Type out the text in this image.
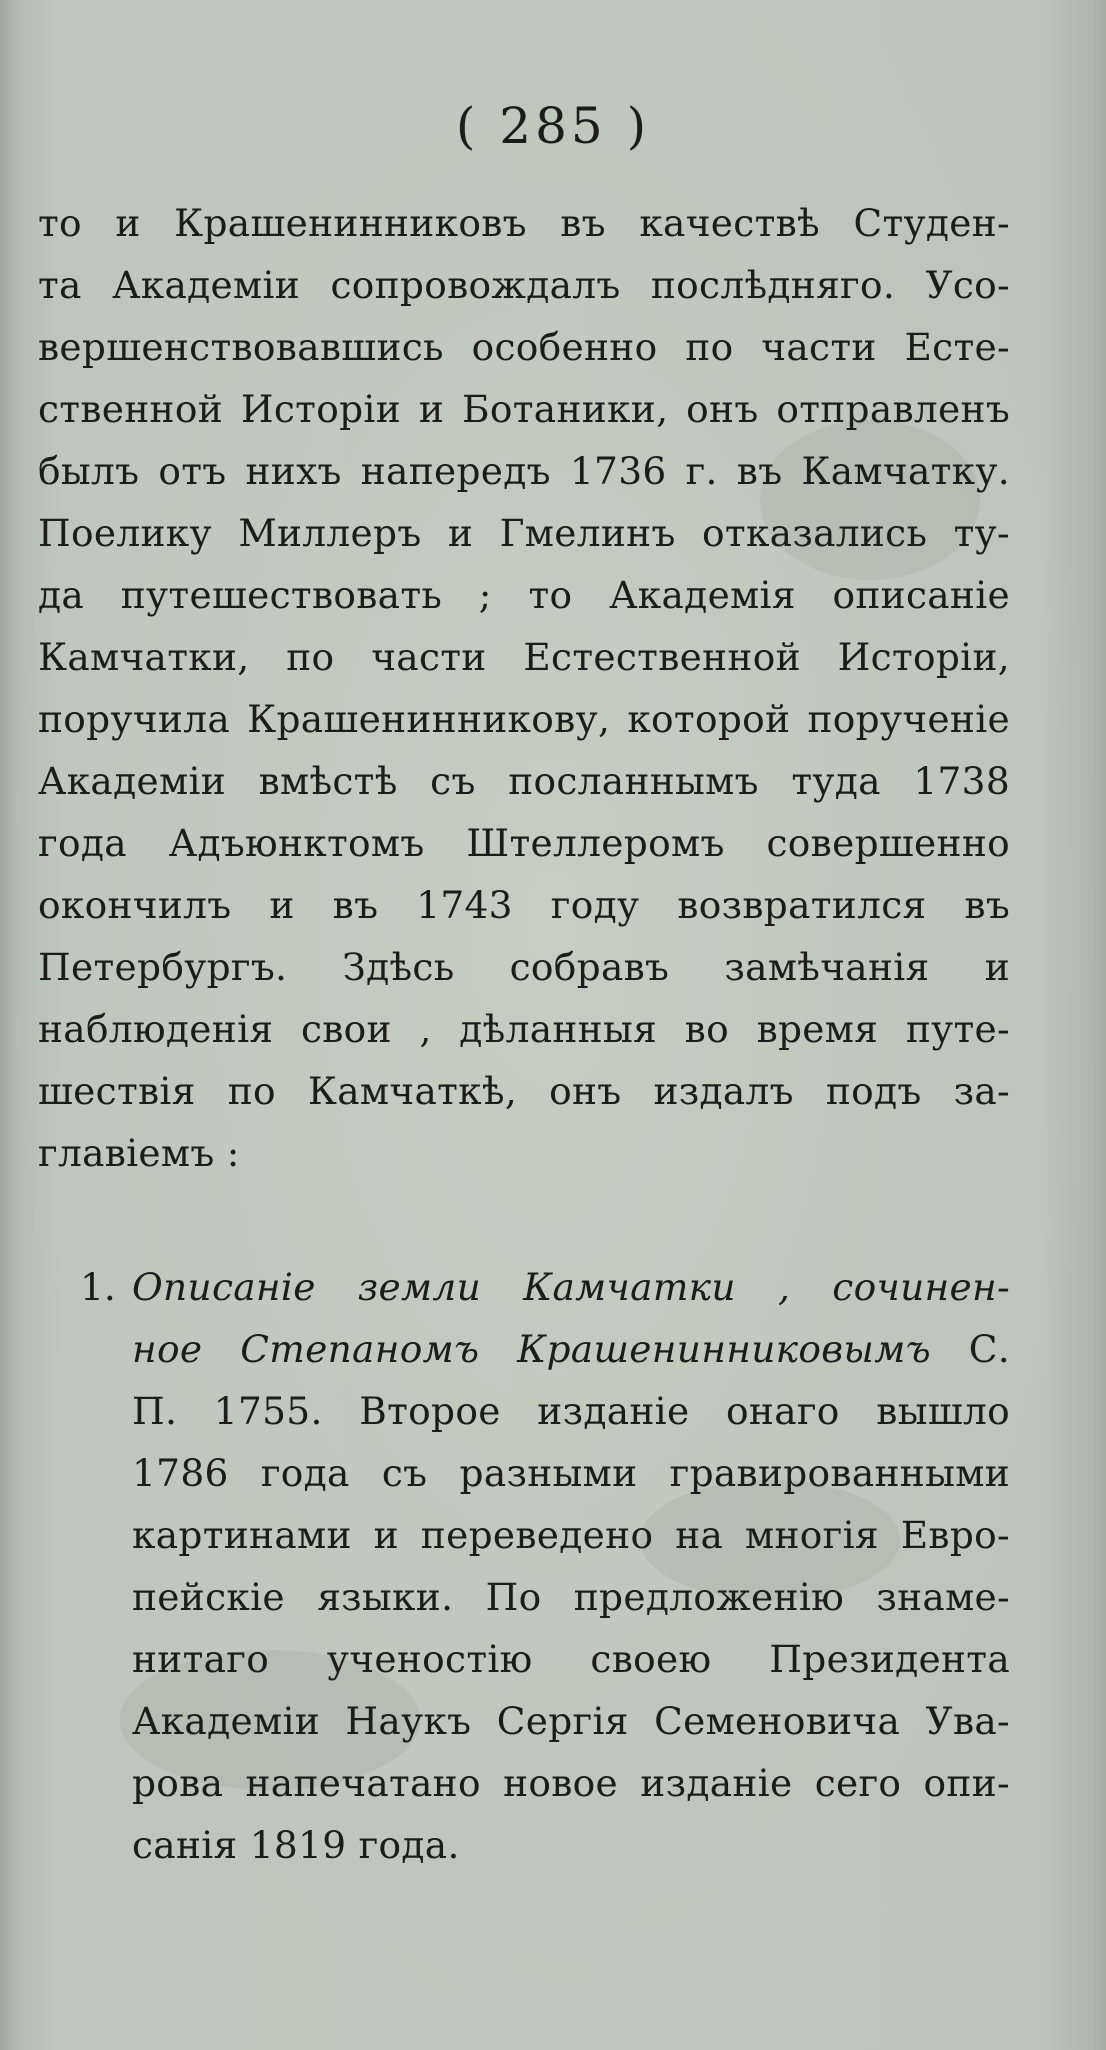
( 285 )
то и Крашенинниковъ въ качествѣ Студен-
та Академіи сопровождалъ послѣдняго. Усо-
вершенствовавшись особенно по части Есте-
ственной Исторіи и Ботаники, онъ отправленъ
былъ отъ нихъ напередъ 1736 г. въ Камчатку.
Поелику Миллеръ и Гмелинъ отказались ту-
да путешествовать ; то Академія описаніе
Камчатки, по части Естественной Исторіи,
поручила Крашенинникову, которой порученіе
Академіи вмѣстѣ съ посланнымъ туда 1738
года Адъюнктомъ Штеллеромъ совершенно
окончилъ и въ 1743 году возвратился въ
Петербургъ. Здѣсь собравъ замѣчанія и
наблюденія свои , дѣланныя во время путе-
шествія по Камчаткѣ, онъ издалъ подъ за-
главіемъ :
1. Описаніе земли Камчатки , сочинен-
ное Степаномъ Крашенинниковымъ С.
П. 1755. Второе изданіе онаго вышло
1786 года съ разными гравированными
картинами и переведено на многія Евро-
пейскіе языки. По предложенію знаме-
нитаго ученостію своею Президента
Академіи Наукъ Сергія Семеновича Ува-
рова напечатано новое изданіе сего опи-
санія 1819 года.
